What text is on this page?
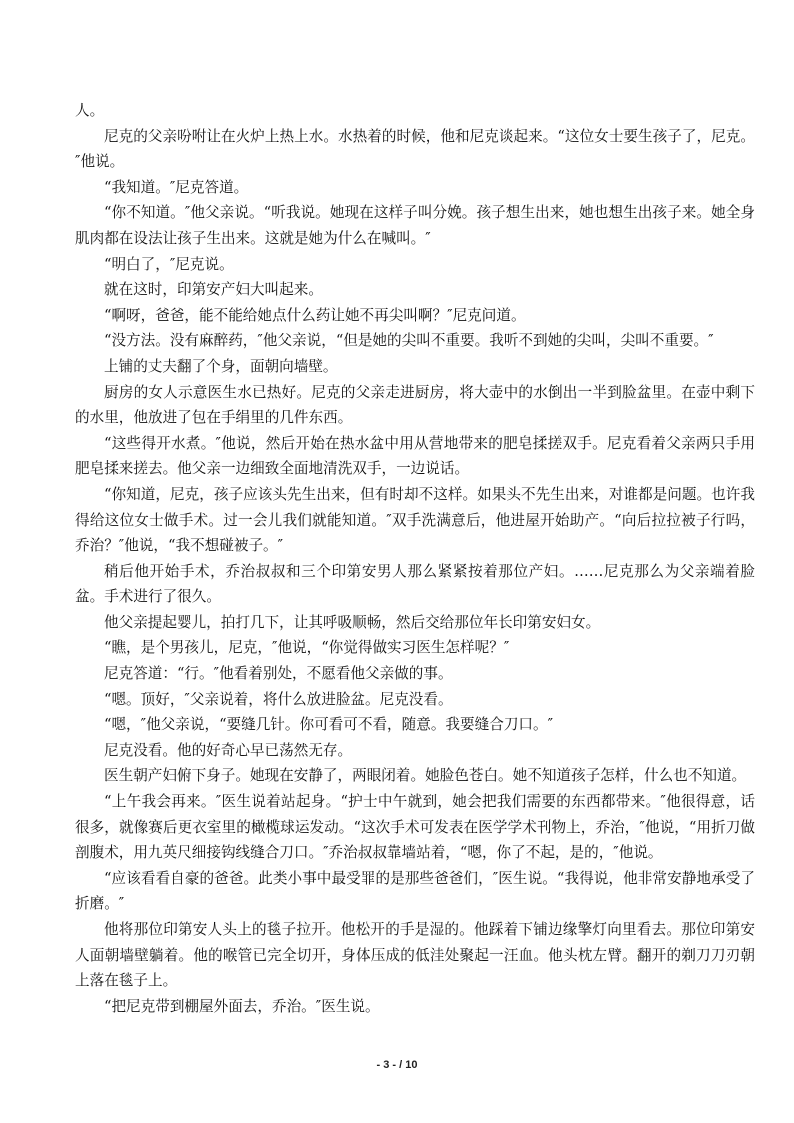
人。

尼克的父亲吩咐让在火炉上热上水。水热着的时候，他和尼克谈起来。“这位女士要生孩子了，尼克。″他说。

“我知道。″尼克答道。

“你不知道。″他父亲说。“听我说。她现在这样子叫分娩。孩子想生出来，她也想生出孩子来。她全身肌肉都在设法让孩子生出来。这就是她为什么在喊叫。″

“明白了，″尼克说。

就在这时，印第安产妇大叫起来。

“啊呀，爸爸，能不能给她点什么药让她不再尖叫啊？″尼克问道。

“没方法。没有麻醉药，″他父亲说，“但是她的尖叫不重要。我听不到她的尖叫，尖叫不重要。″

上铺的丈夫翻了个身，面朝向墙壁。

厨房的女人示意医生水已热好。尼克的父亲走进厨房，将大壶中的水倒出一半到脸盆里。在壶中剩下的水里，他放进了包在手绢里的几件东西。

“这些得开水煮。″他说，然后开始在热水盆中用从营地带来的肥皂揉搓双手。尼克看着父亲两只手用肥皂揉来搓去。他父亲一边细致全面地清洗双手，一边说话。

“你知道，尼克，孩子应该头先生出来，但有时却不这样。如果头不先生出来，对谁都是问题。也许我得给这位女士做手术。过一会儿我们就能知道。″双手洗满意后，他进屋开始助产。“向后拉拉被子行吗，乔治？″他说，“我不想碰被子。″

稍后他开始手术，乔治叔叔和三个印第安男人那么紧紧按着那位产妇。……尼克那么为父亲端着脸盆。手术进行了很久。

他父亲提起婴儿，拍打几下，让其呼吸顺畅，然后交给那位年长印第安妇女。

“瞧，是个男孩儿，尼克，″他说，“你觉得做实习医生怎样呢？″

尼克答道：“行。″他看着别处，不愿看他父亲做的事。

“嗯。顶好，″父亲说着，将什么放进脸盆。尼克没看。

“嗯，″他父亲说，“要缝几针。你可看可不看，随意。我要缝合刀口。″

尼克没看。他的好奇心早已荡然无存。

医生朝产妇俯下身子。她现在安静了，两眼闭着。她脸色苍白。她不知道孩子怎样，什么也不知道。

“上午我会再来。″医生说着站起身。“护士中午就到，她会把我们需要的东西都带来。″他很得意，话很多，就像赛后更衣室里的橄榄球运发动。“这次手术可发表在医学学术刊物上，乔治，″他说，“用折刀做剖腹术，用九英尺细接钩线缝合刀口。″乔治叔叔靠墙站着，“嗯，你了不起，是的，″他说。

“应该看看自豪的爸爸。此类小事中最受罪的是那些爸爸们，″医生说。“我得说，他非常安静地承受了折磨。″

他将那位印第安人头上的毯子拉开。他松开的手是湿的。他踩着下铺边缘擎灯向里看去。那位印第安人面朝墙壁躺着。他的喉管已完全切开，身体压成的低洼处聚起一汪血。他头枕左臂。翻开的剃刀刀刃朝上落在毯子上。

“把尼克带到棚屋外面去，乔治。″医生说。

- 3 - / 10
